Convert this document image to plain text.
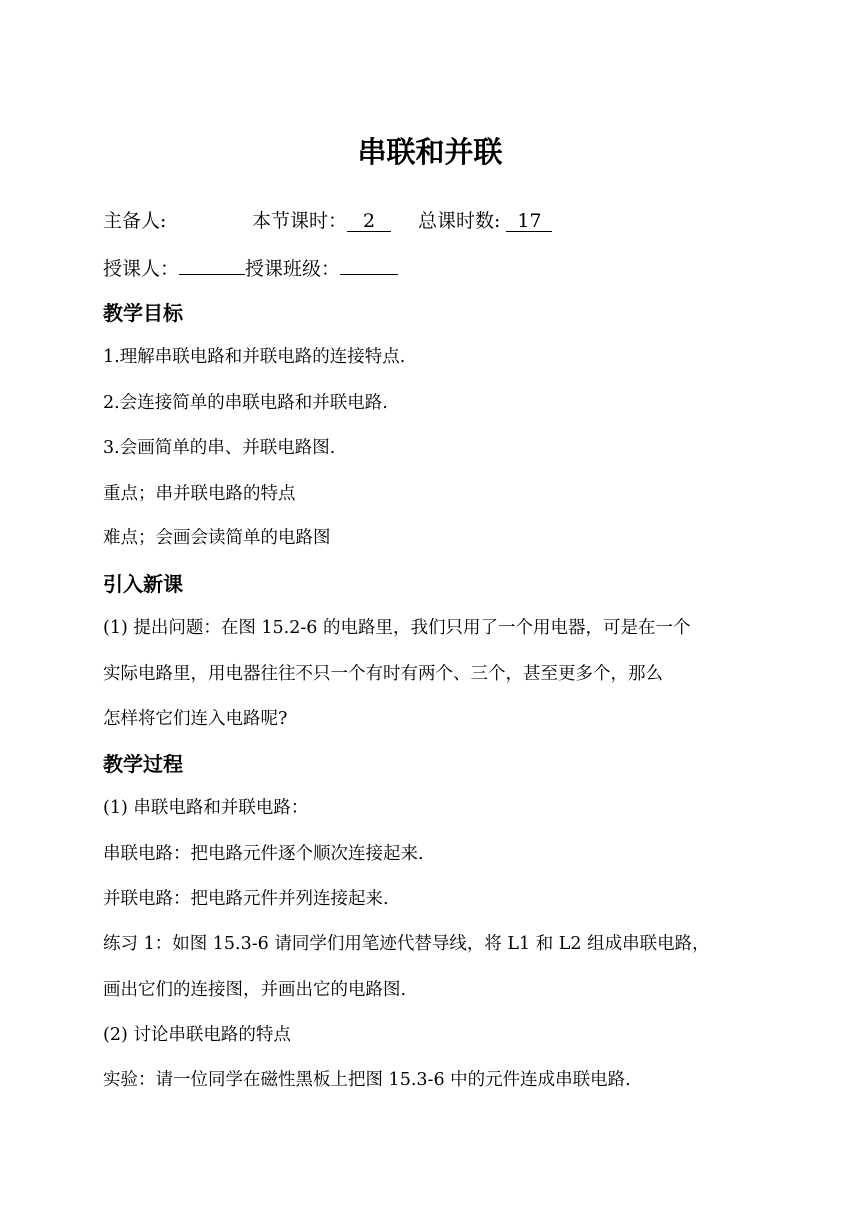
串联和并联
主备人:	本节课时： 2	总课时数: 17
授课人：	授课班级：
教学目标
1.理解串联电路和并联电路的连接特点.
2.会连接简单的串联电路和并联电路.
3.会画简单的串、并联电路图.
重点；串并联电路的特点
难点；会画会读简单的电路图
引入新课
(1) 提出问题：在图 15.2-6 的电路里，我们只用了一个用电器，可是在一个
实际电路里，用电器往往不只一个有时有两个、三个，甚至更多个，那么
怎样将它们连入电路呢?
教学过程
(1) 串联电路和并联电路：
串联电路：把电路元件逐个顺次连接起来.
并联电路：把电路元件并列连接起来.
练习 1：如图 15.3-6 请同学们用笔迹代替导线，将 L1 和 L2 组成串联电路，
画出它们的连接图，并画出它的电路图.
(2) 讨论串联电路的特点
实验：请一位同学在磁性黑板上把图 15.3-6 中的元件连成串联电路.
